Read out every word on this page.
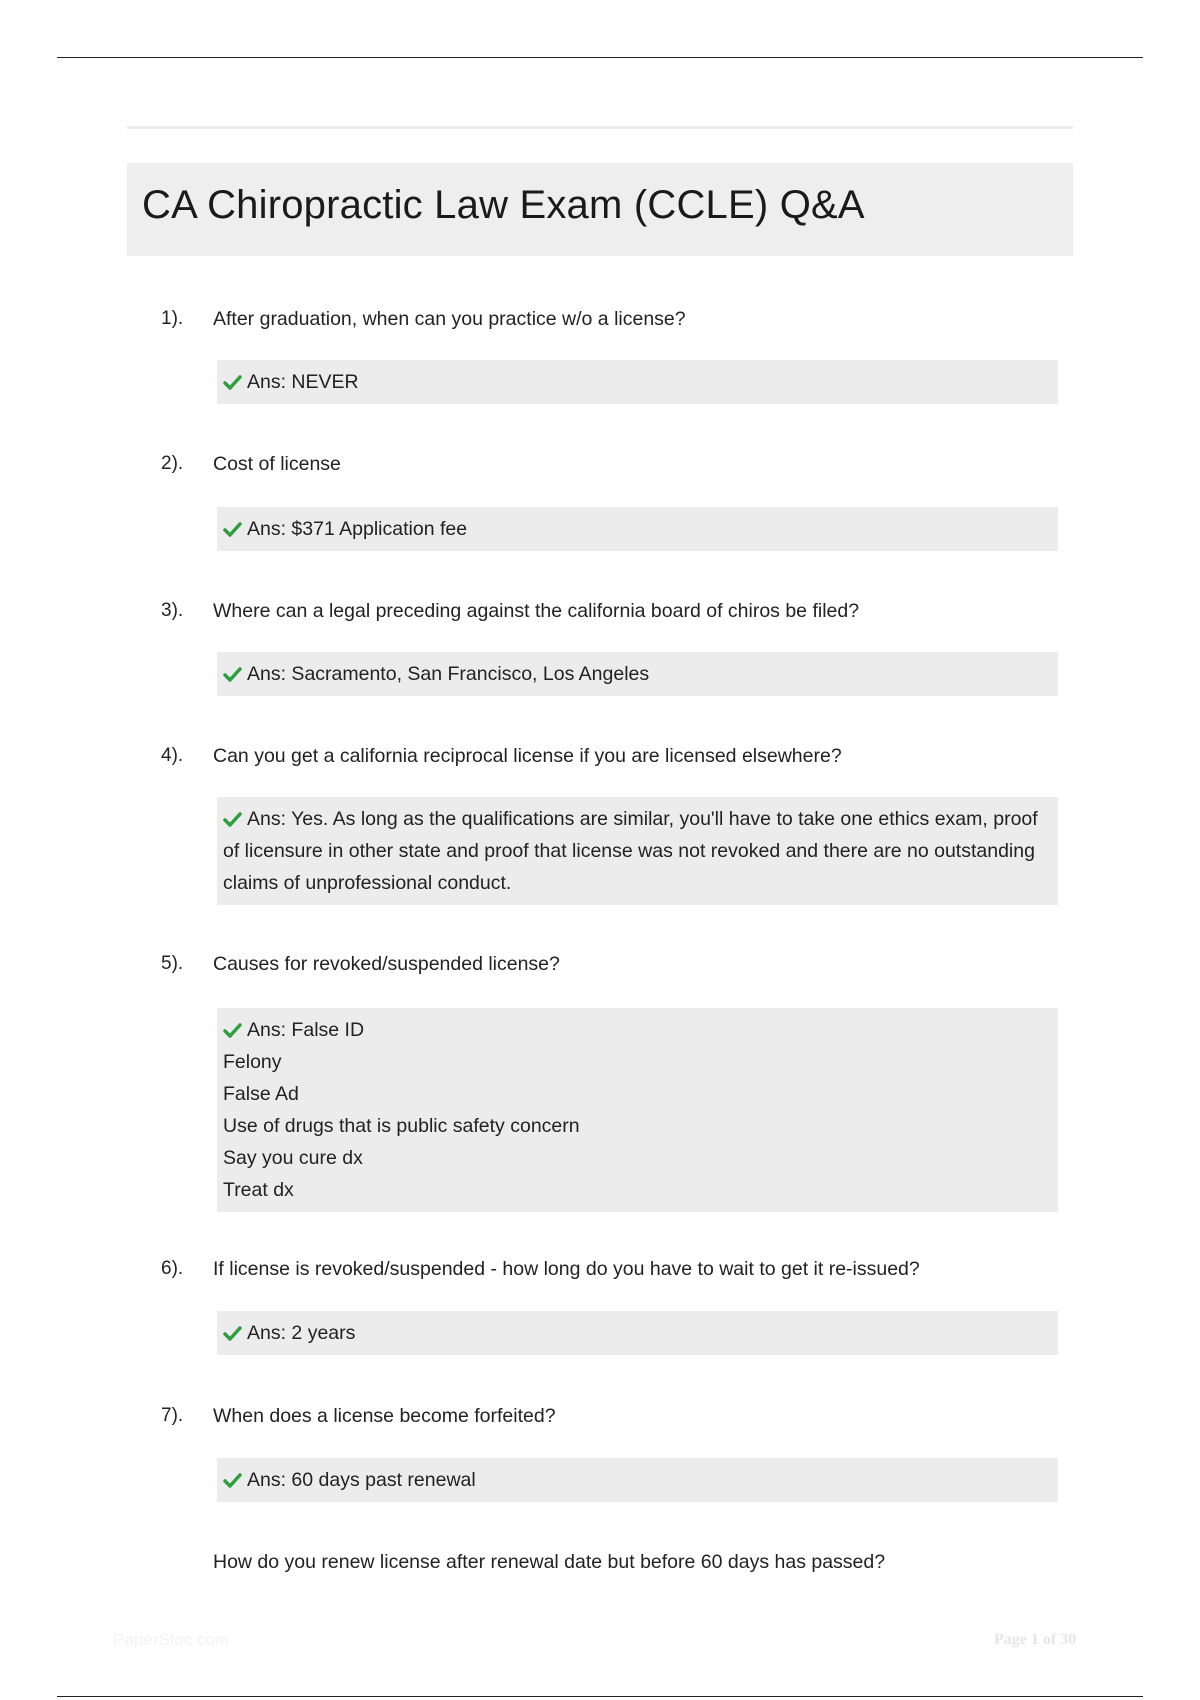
CA Chiropractic Law Exam (CCLE) Q&A
1). After graduation, when can you practice w/o a license?
Ans: NEVER
2). Cost of license
Ans: $371 Application fee
3). Where can a legal preceding against the california board of chiros be filed?
Ans: Sacramento, San Francisco, Los Angeles
4). Can you get a california reciprocal license if you are licensed elsewhere?
Ans: Yes. As long as the qualifications are similar, you'll have to take one ethics exam, proof of licensure in other state and proof that license was not revoked and there are no outstanding claims of unprofessional conduct.
5). Causes for revoked/suspended license?
Ans: False ID
Felony
False Ad
Use of drugs that is public safety concern
Say you cure dx
Treat dx
6). If license is revoked/suspended - how long do you have to wait to get it re-issued?
Ans: 2 years
7). When does a license become forfeited?
Ans: 60 days past renewal
How do you renew license after renewal date but before 60 days has passed?
PaperStoc.com	Page 1 of 30
